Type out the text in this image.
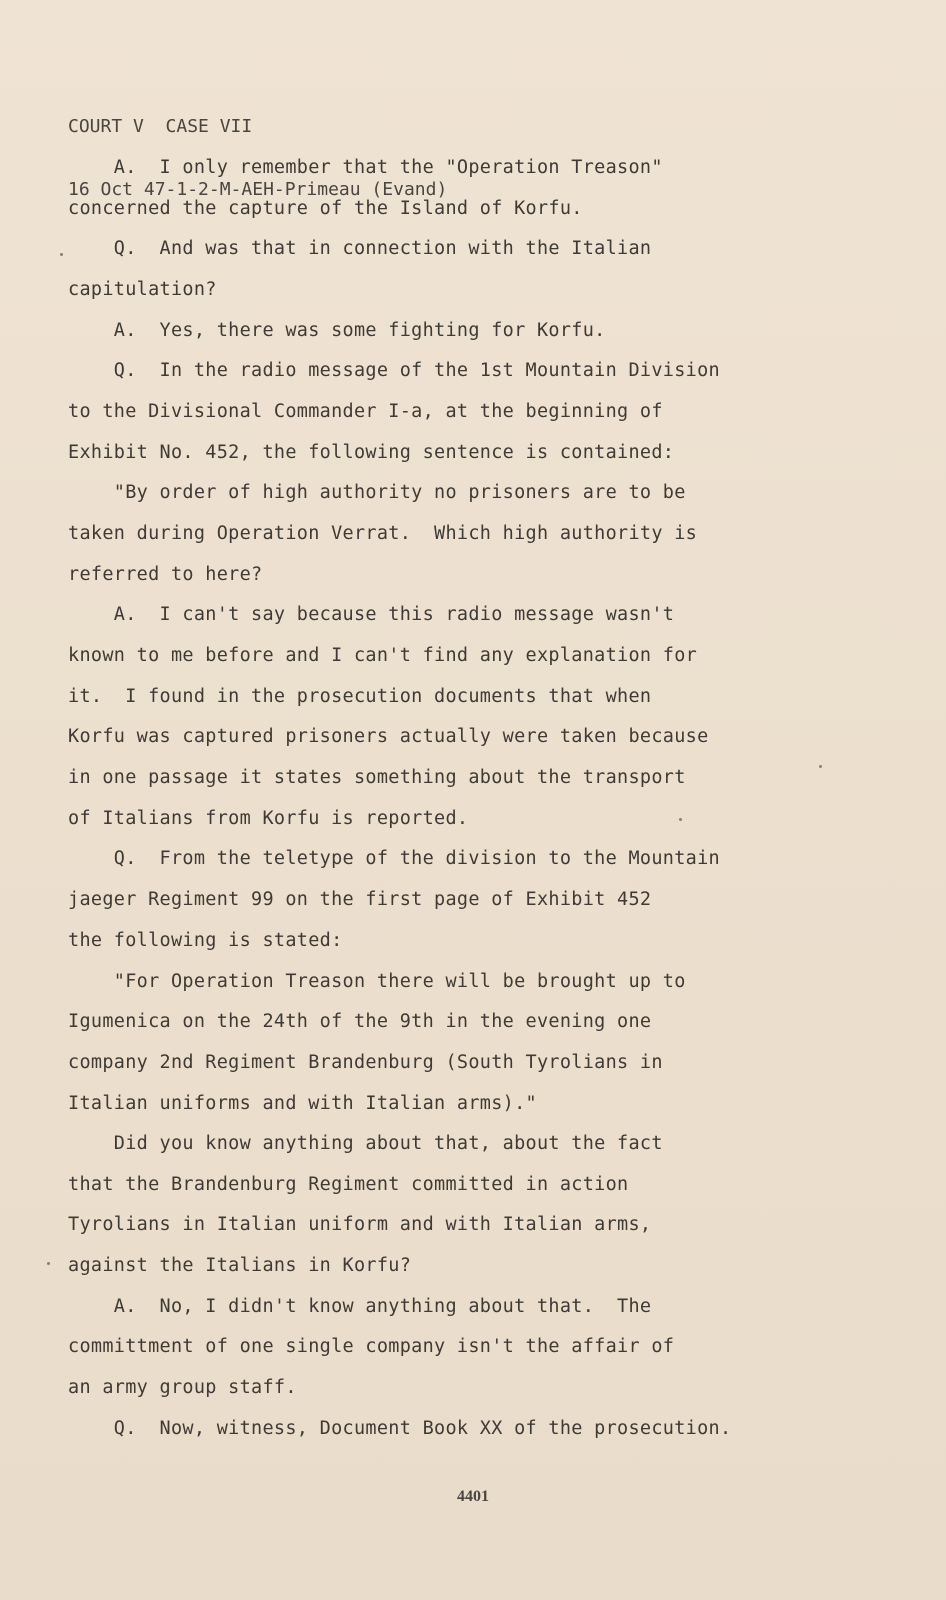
COURT V  CASE VII

16 Oct 47-1-2-M-AEH-Primeau (Evand)

A.  I only remember that the "Operation Treason"

concerned the capture of the Island of Korfu.

Q.  And was that in connection with the Italian

capitulation?

A.  Yes, there was some fighting for Korfu.

Q.  In the radio message of the 1st Mountain Division

to the Divisional Commander I-a, at the beginning of

Exhibit No. 452, the following sentence is contained:

"By order of high authority no prisoners are to be

taken during Operation Verrat.  Which high authority is

referred to here?

A.  I can't say because this radio message wasn't

known to me before and I can't find any explanation for

it.  I found in the prosecution documents that when

Korfu was captured prisoners actually were taken because

in one passage it states something about the transport

of Italians from Korfu is reported.

Q.  From the teletype of the division to the Mountain

jaeger Regiment 99 on the first page of Exhibit 452

the following is stated:

"For Operation Treason there will be brought up to

Igumenica on the 24th of the 9th in the evening one

company 2nd Regiment Brandenburg (South Tyrolians in

Italian uniforms and with Italian arms)."

Did you know anything about that, about the fact

that the Brandenburg Regiment committed in action

Tyrolians in Italian uniform and with Italian arms,

against the Italians in Korfu?

A.  No, I didn't know anything about that.  The

committment of one single company isn't the affair of

an army group staff.

Q.  Now, witness, Document Book XX of the prosecution.

4401
